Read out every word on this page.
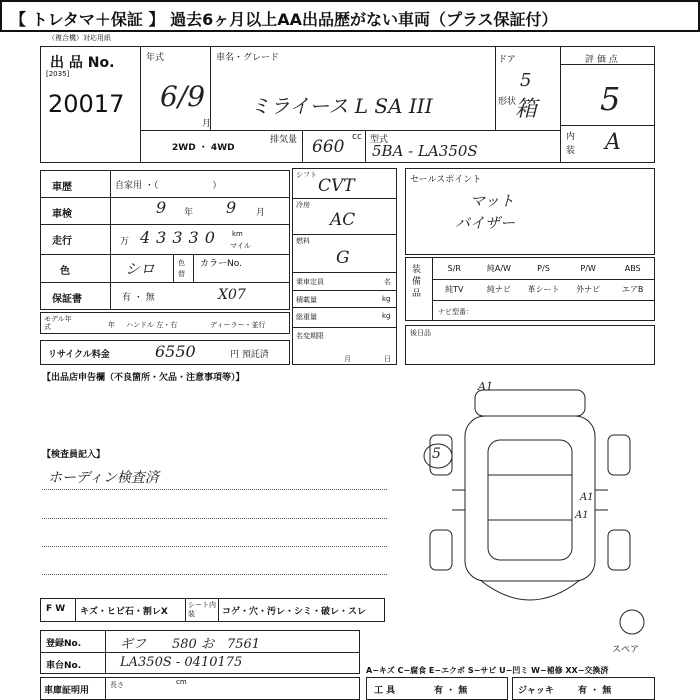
【 トレタマ＋保証 】 過去6ヶ月以上AA出品歴がない車両（プラス保証付）
（複合機）対応用紙
出 品 No.
[2035]
20017
年式
6/9
月
車名・グレード
ミライース L SA III
ドア
5
形状
箱
評 価 点
5
内装 A
2WD ・ 4WD
排気量 660 cc 型式
5BA - LA350S
車歴	自家用 ・（　　　　　　）
車検	9 年 9 月
走行	万 43330 km
マイル
色	シロ	色替
カラーNo.
保証書	有 ・ 無	X07
モデル年式	年 ハンドル 左・右	ディーラー・並行
リサイクル料金	6550	円 預託済
シフト
CVT
冷房
AC
燃料
G
乗車定員	名
積載量	kg
総重量	kg
名変期限
月	日
セールスポイント
マット
バイザー
装備品
S/R	純A/W	P/S	P/W	ABS
純TV	純ナビ	革シート	外ナビ	エアB
ナビ型番：
後日品
【出品店申告欄（不良箇所・欠品・注意事項等）】
【検査員記入】
ホーディン検査済
A1
A1
A1
5
スペア
F W キズ・ヒビ石・割レX
シート内装	コゲ・穴・汚レ・シミ・破レ・スレ
登録No.	ギフ　　580 お　7561
車台No.	LA350S - 0410175
車庫証明用
長さ	cm
A−キズ C−腐食 E−エクボ S−サビ U−凹ミ W−補修 XX−交換済
工 具	有 ・ 無	ジャッキ	有 ・ 無
